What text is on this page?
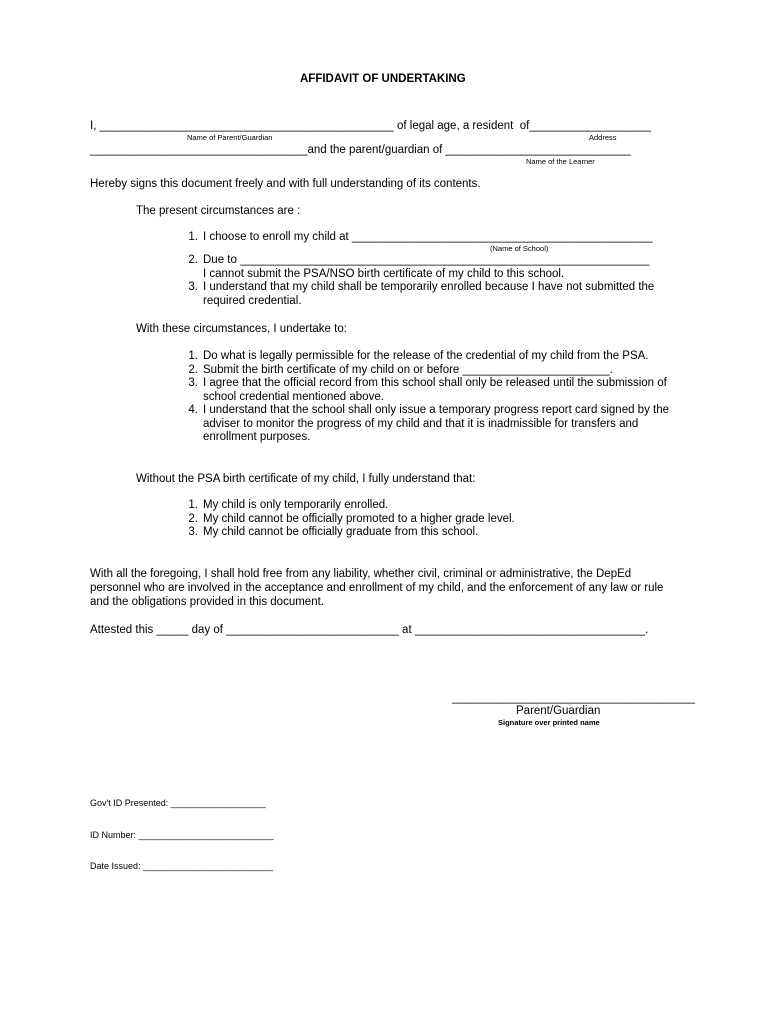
AFFIDAVIT OF UNDERTAKING
I, ______________________________________________ of legal age, a resident  of___________________
Name of Parent/Guardian	Address
__________________________________and the parent/guardian of _____________________________
Name of the Learner
Hereby signs this document freely and with full understanding of its contents.
The present circumstances are :
1. I choose to enroll my child at _______________________________________________
(Name of School)
2. Due to ________________________________________________________________
I cannot submit the PSA/NSO birth certificate of my child to this school.
3. I understand that my child shall be temporarily enrolled because I have not submitted the required credential.
With these circumstances, I undertake to:
1. Do what is legally permissible for the release of the credential of my child from the PSA.
2. Submit the birth certificate of my child on or before _______________________.
3. I agree that the official record from this school shall only be released until the submission of school credential mentioned above.
4. I understand that the school shall only issue a temporary progress report card signed by the adviser to monitor the progress of my child and that it is inadmissible for transfers and enrollment purposes.
Without the PSA birth certificate of my child, I fully understand that:
1. My child is only temporarily enrolled.
2. My child cannot be officially promoted to a higher grade level.
3. My child cannot be officially graduate from this school.
With all the foregoing, I shall hold free from any liability, whether civil, criminal or administrative, the DepEd personnel who are involved in the acceptance and enrollment of my child, and the enforcement of any law or rule and the obligations provided in this document.
Attested this _____ day of ___________________________ at ____________________________________.
______________________________________
Parent/Guardian
Signature over printed name

Gov't ID Presented: ___________________

ID Number: ___________________________

Date Issued: __________________________
